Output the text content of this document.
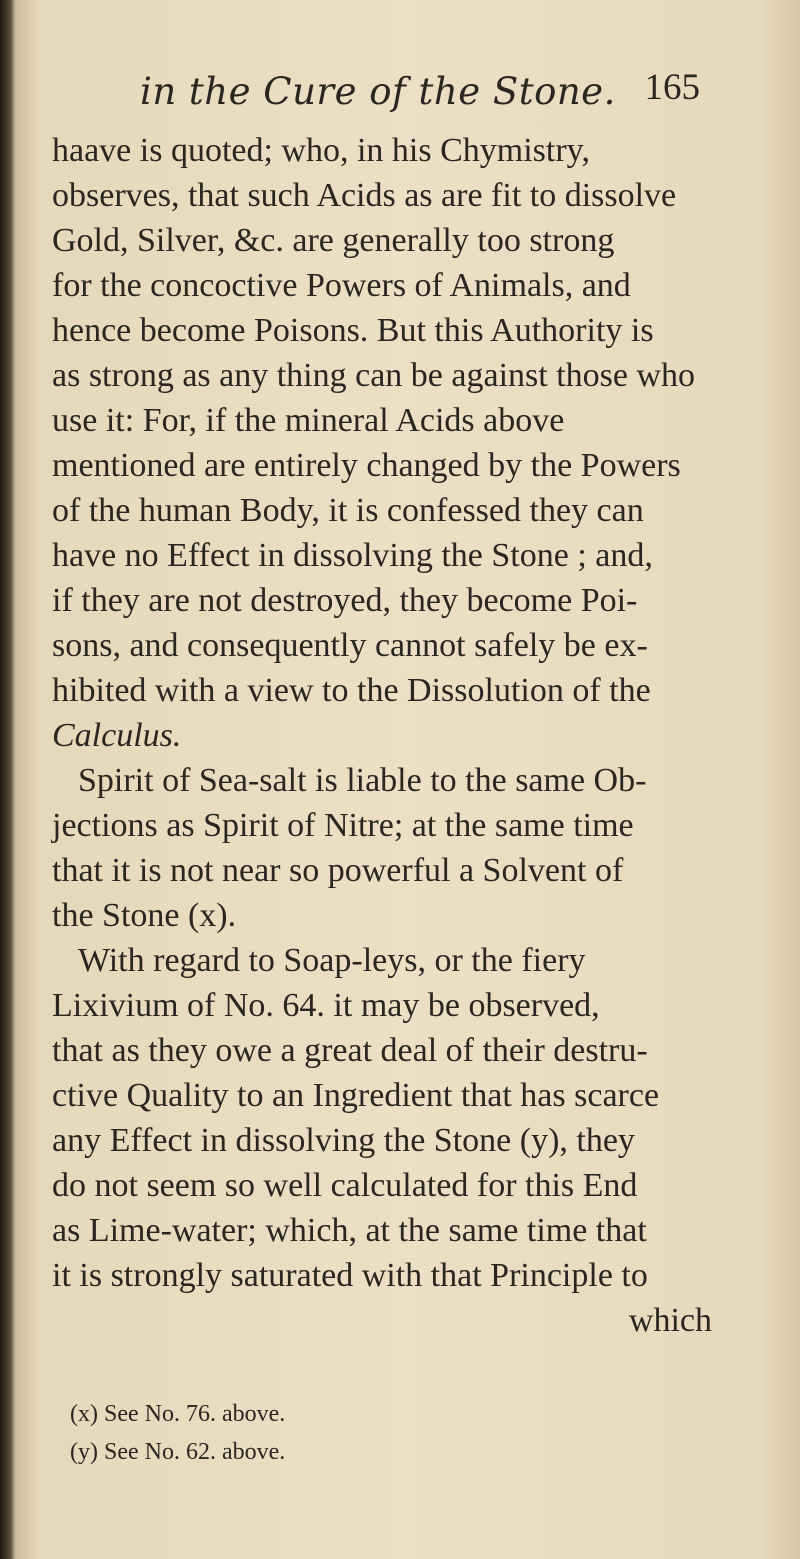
in the Cure of the Stone. 165
haave is quoted; who, in his Chymistry,
observes, that such Acids as are fit to dissolve
Gold, Silver, &c. are generally too strong
for the concoctive Powers of Animals, and
hence become Poisons. But this Authority is
as strong as any thing can be against those who
use it: For, if the mineral Acids above
mentioned are entirely changed by the Powers
of the human Body, it is confessed they can
have no Effect in dissolving the Stone ; and,
if they are not destroyed, they become Poi-
sons, and consequently cannot safely be ex-
hibited with a view to the Dissolution of the
Calculus.
Spirit of Sea-salt is liable to the same Ob-
jections as Spirit of Nitre; at the same time
that it is not near so powerful a Solvent of
the Stone (x).
With regard to Soap-leys, or the fiery
Lixivium of No. 64. it may be observed,
that as they owe a great deal of their destru-
ctive Quality to an Ingredient that has scarce
any Effect in dissolving the Stone (y), they
do not seem so well calculated for this End
as Lime-water; which, at the same time that
it is strongly saturated with that Principle to
which
(x) See No. 76. above.
(y) See No. 62. above.
